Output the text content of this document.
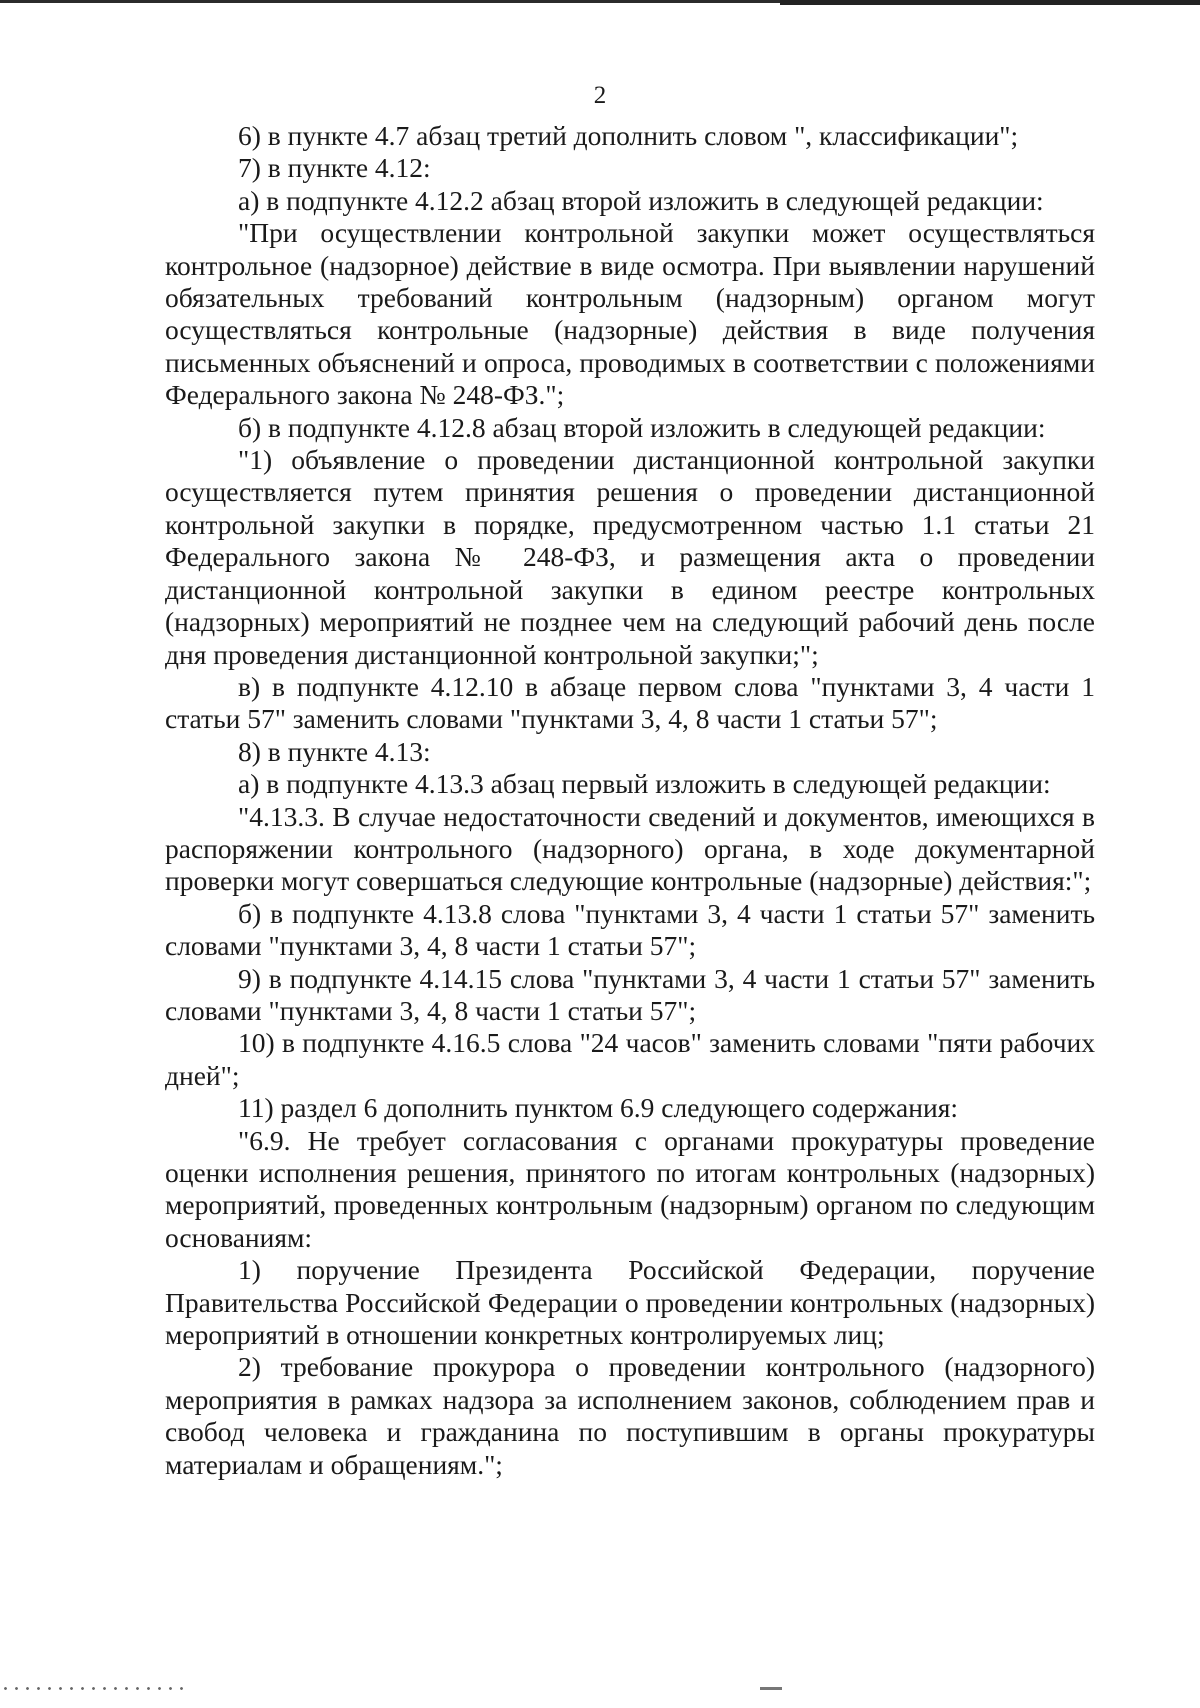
2

6) в пункте 4.7 абзац третий дополнить словом ", классификации";

7) в пункте 4.12:

а) в подпункте 4.12.2 абзац второй изложить в следующей редакции:

"При осуществлении контрольной закупки может осуществляться контрольное (надзорное) действие в виде осмотра. При выявлении нарушений обязательных требований контрольным (надзорным) органом могут осуществляться контрольные (надзорные) действия в виде получения письменных объяснений и опроса, проводимых в соответствии с положениями Федерального закона № 248-ФЗ.";

б) в подпункте 4.12.8 абзац второй изложить в следующей редакции:

"1) объявление о проведении дистанционной контрольной закупки осуществляется путем принятия решения о проведении дистанционной контрольной закупки в порядке, предусмотренном частью 1.1 статьи 21 Федерального закона № 248-ФЗ, и размещения акта о проведении дистанционной контрольной закупки в едином реестре контрольных (надзорных) мероприятий не позднее чем на следующий рабочий день после дня проведения дистанционной контрольной закупки;";

в) в подпункте 4.12.10 в абзаце первом слова "пунктами 3, 4 части 1 статьи 57" заменить словами "пунктами 3, 4, 8 части 1 статьи 57";

8) в пункте 4.13:

а) в подпункте 4.13.3 абзац первый изложить в следующей редакции:

"4.13.3. В случае недостаточности сведений и документов, имеющихся в распоряжении контрольного (надзорного) органа, в ходе документарной проверки могут совершаться следующие контрольные (надзорные) действия:";

б) в подпункте 4.13.8 слова "пунктами 3, 4 части 1 статьи 57" заменить словами "пунктами 3, 4, 8 части 1 статьи 57";

9) в подпункте 4.14.15 слова "пунктами 3, 4 части 1 статьи 57" заменить словами "пунктами 3, 4, 8 части 1 статьи 57";

10) в подпункте 4.16.5 слова "24 часов" заменить словами "пяти рабочих дней";

11) раздел 6 дополнить пунктом 6.9 следующего содержания:

"6.9. Не требует согласования с органами прокуратуры проведение оценки исполнения решения, принятого по итогам контрольных (надзорных) мероприятий, проведенных контрольным (надзорным) органом по следующим основаниям:

1) поручение Президента Российской Федерации, поручение Правительства Российской Федерации о проведении контрольных (надзорных) мероприятий в отношении конкретных контролируемых лиц;

2) требование прокурора о проведении контрольного (надзорного) мероприятия в рамках надзора за исполнением законов, соблюдением прав и свобод человека и гражданина по поступившим в органы прокуратуры материалам и обращениям.";
